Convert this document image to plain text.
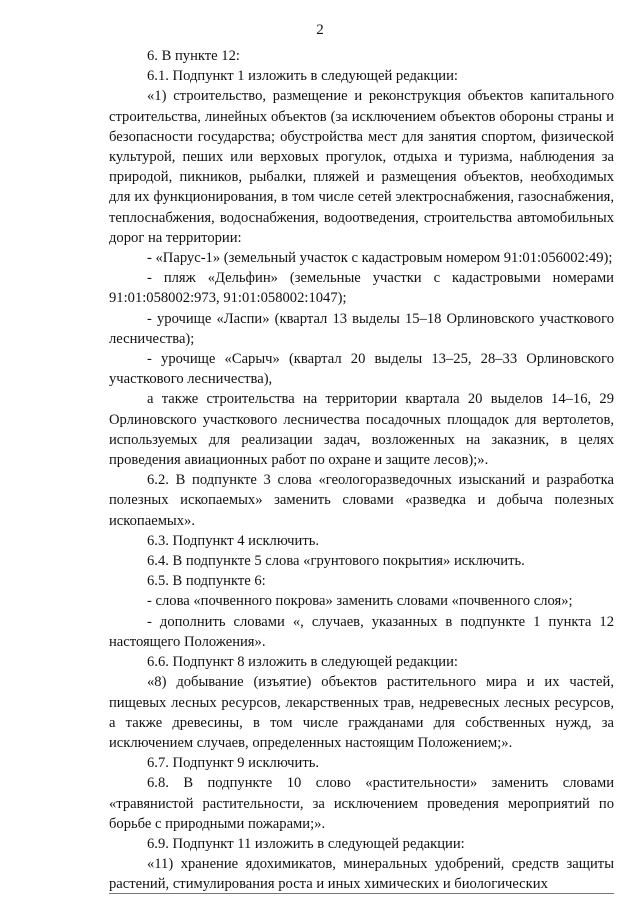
2

6. В пункте 12:

6.1. Подпункт 1 изложить в следующей редакции:

«1) строительство, размещение и реконструкция объектов капитального строительства, линейных объектов (за исключением объектов обороны страны и безопасности государства; обустройства мест для занятия спортом, физической культурой, пеших или верховых прогулок, отдыха и туризма, наблюдения за природой, пикников, рыбалки, пляжей и размещения объектов, необходимых для их функционирования, в том числе сетей электроснабжения, газоснабжения, теплоснабжения, водоснабжения, водоотведения, строительства автомобильных дорог на территории:

- «Парус-1» (земельный участок с кадастровым номером 91:01:056002:49);

- пляж «Дельфин» (земельные участки с кадастровыми номерами 91:01:058002:973, 91:01:058002:1047);

- урочище «Ласпи» (квартал 13 выделы 15–18 Орлиновского участкового лесничества);

- урочище «Сарыч» (квартал 20 выделы 13–25, 28–33 Орлиновского участкового лесничества),

а также строительства на территории квартала 20 выделов 14–16, 29 Орлиновского участкового лесничества посадочных площадок для вертолетов, используемых для реализации задач, возложенных на заказник, в целях проведения авиационных работ по охране и защите лесов);».

6.2. В подпункте 3 слова «геологоразведочных изысканий и разработка полезных ископаемых» заменить словами «разведка и добыча полезных ископаемых».

6.3. Подпункт 4 исключить.

6.4. В подпункте 5 слова «грунтового покрытия» исключить.

6.5. В подпункте 6:

- слова «почвенного покрова» заменить словами «почвенного слоя»;

- дополнить словами «, случаев, указанных в подпункте 1 пункта 12 настоящего Положения».

6.6. Подпункт 8 изложить в следующей редакции:

«8) добывание (изъятие) объектов растительного мира и их частей, пищевых лесных ресурсов, лекарственных трав, недревесных лесных ресурсов, а также древесины, в том числе гражданами для собственных нужд, за исключением случаев, определенных настоящим Положением;».

6.7. Подпункт 9 исключить.

6.8. В подпункте 10 слово «растительности» заменить словами «травянистой растительности, за исключением проведения мероприятий по борьбе с природными пожарами;».

6.9. Подпункт 11 изложить в следующей редакции:

«11) хранение ядохимикатов, минеральных удобрений, средств защиты растений, стимулирования роста и иных химических и биологических
